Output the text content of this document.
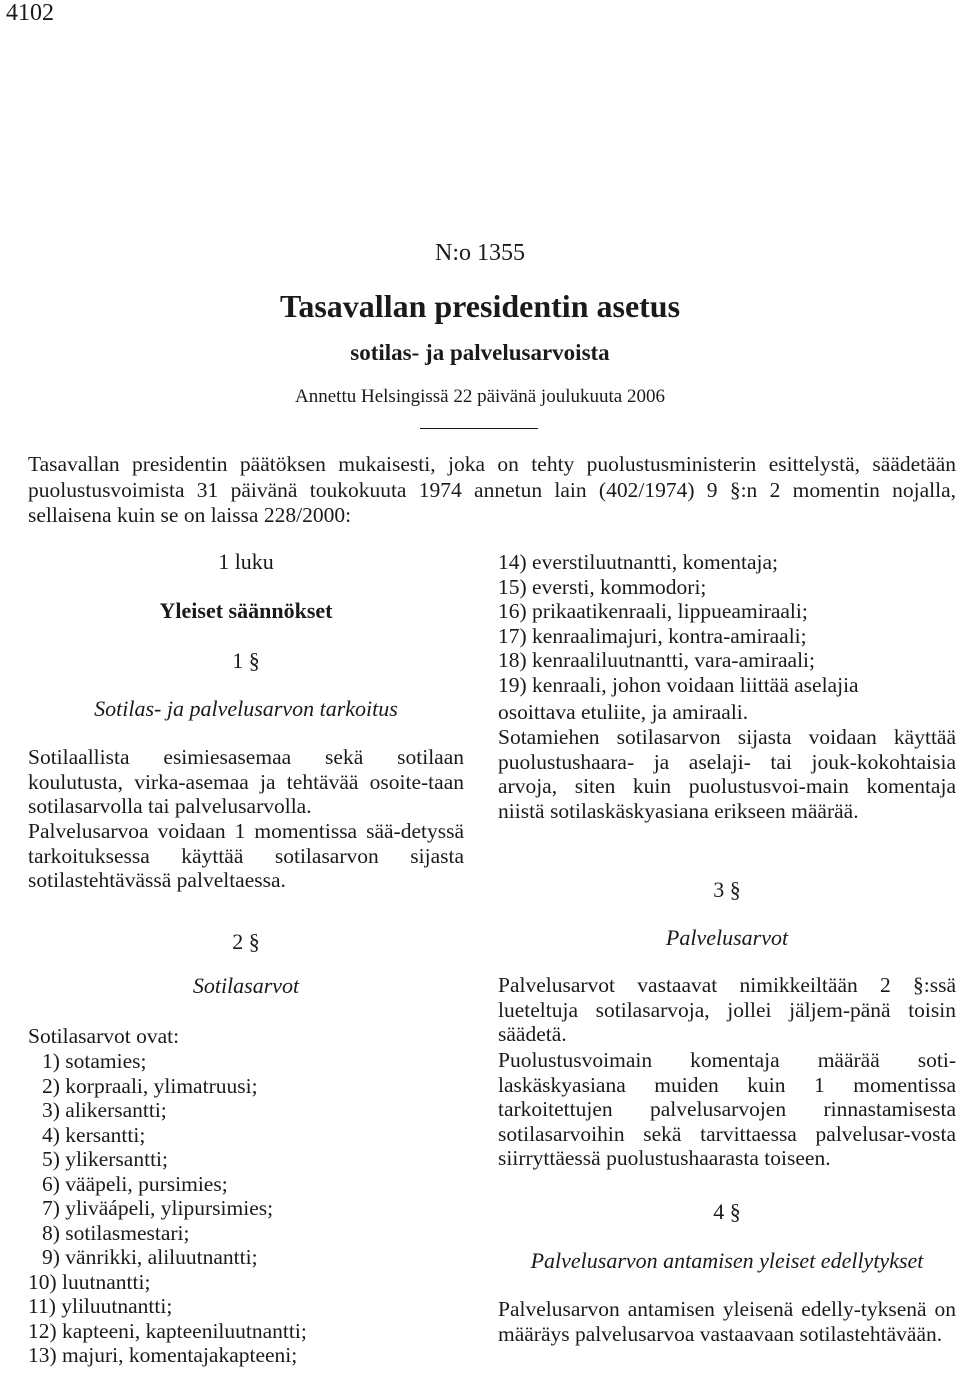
4102
N:o 1355
Tasavallan presidentin asetus
sotilas- ja palvelusarvoista
Annettu Helsingissä 22 päivänä joulukuuta 2006

Tasavallan presidentin päätöksen mukaisesti, joka on tehty puolustusministerin esittelystä, säädetään puolustusvoimista 31 päivänä toukokuuta 1974 annetun lain (402/1974) 9 §:n 2 momentin nojalla, sellaisena kuin se on laissa 228/2000:

1 luku
Yleiset säännökset
1 §
Sotilas- ja palvelusarvon tarkoitus
Sotilaallista esimiesasemaa sekä sotilaan koulutusta, virka-asemaa ja tehtävää osoite-taan sotilasarvolla tai palvelusarvolla.
Palvelusarvoa voidaan 1 momentissa sää-detyssä tarkoituksessa käyttää sotilasarvon sijasta sotilastehtävässä palveltaessa.
2 §
Sotilasarvot
Sotilasarvot ovat:
1) sotamies;
2) korpraali, ylimatruusi;
3) alikersantti;
4) kersantti;
5) ylikersantti;
6) vääpeli, pursimies;
7) yliväápeli, ylipursimies;
8) sotilasmestari;
9) vänrikki, aliluutnantti;
10) luutnantti;
11) yliluutnantti;
12) kapteeni, kapteeniluutnantti;
13) majuri, komentajakapteeni;
14) everstiluutnantti, komentaja;
15) eversti, kommodori;
16) prikaatikenraali, lippueamiraali;
17) kenraalimajuri, kontra-amiraali;
18) kenraaliluutnantti, vara-amiraali;
19) kenraali, johon voidaan liittää aselajia
osoittava etuliite, ja amiraali.
Sotamiehen sotilasarvon sijasta voidaan käyttää puolustushaara- ja aselaji- tai jouk-kokohtaisia arvoja, siten kuin puolustusvoi-main komentaja niistä sotilaskäskyasiana erikseen määrää.
3 §
Palvelusarvot
Palvelusarvot vastaavat nimikkeiltään 2 §:ssä lueteltuja sotilasarvoja, jollei jäljem-pänä toisin säädetä.
Puolustusvoimain komentaja määrää soti-laskäskyasiana muiden kuin 1 momentissa tarkoitettujen palvelusarvojen rinnastamisesta sotilasarvoihin sekä tarvittaessa palvelusar-vosta siirryttäessä puolustushaarasta toiseen.
4 §
Palvelusarvon antamisen yleiset edellytykset
Palvelusarvon antamisen yleisenä edelly-tyksenä on määräys palvelusarvoa vastaavaan sotilastehtävään.
